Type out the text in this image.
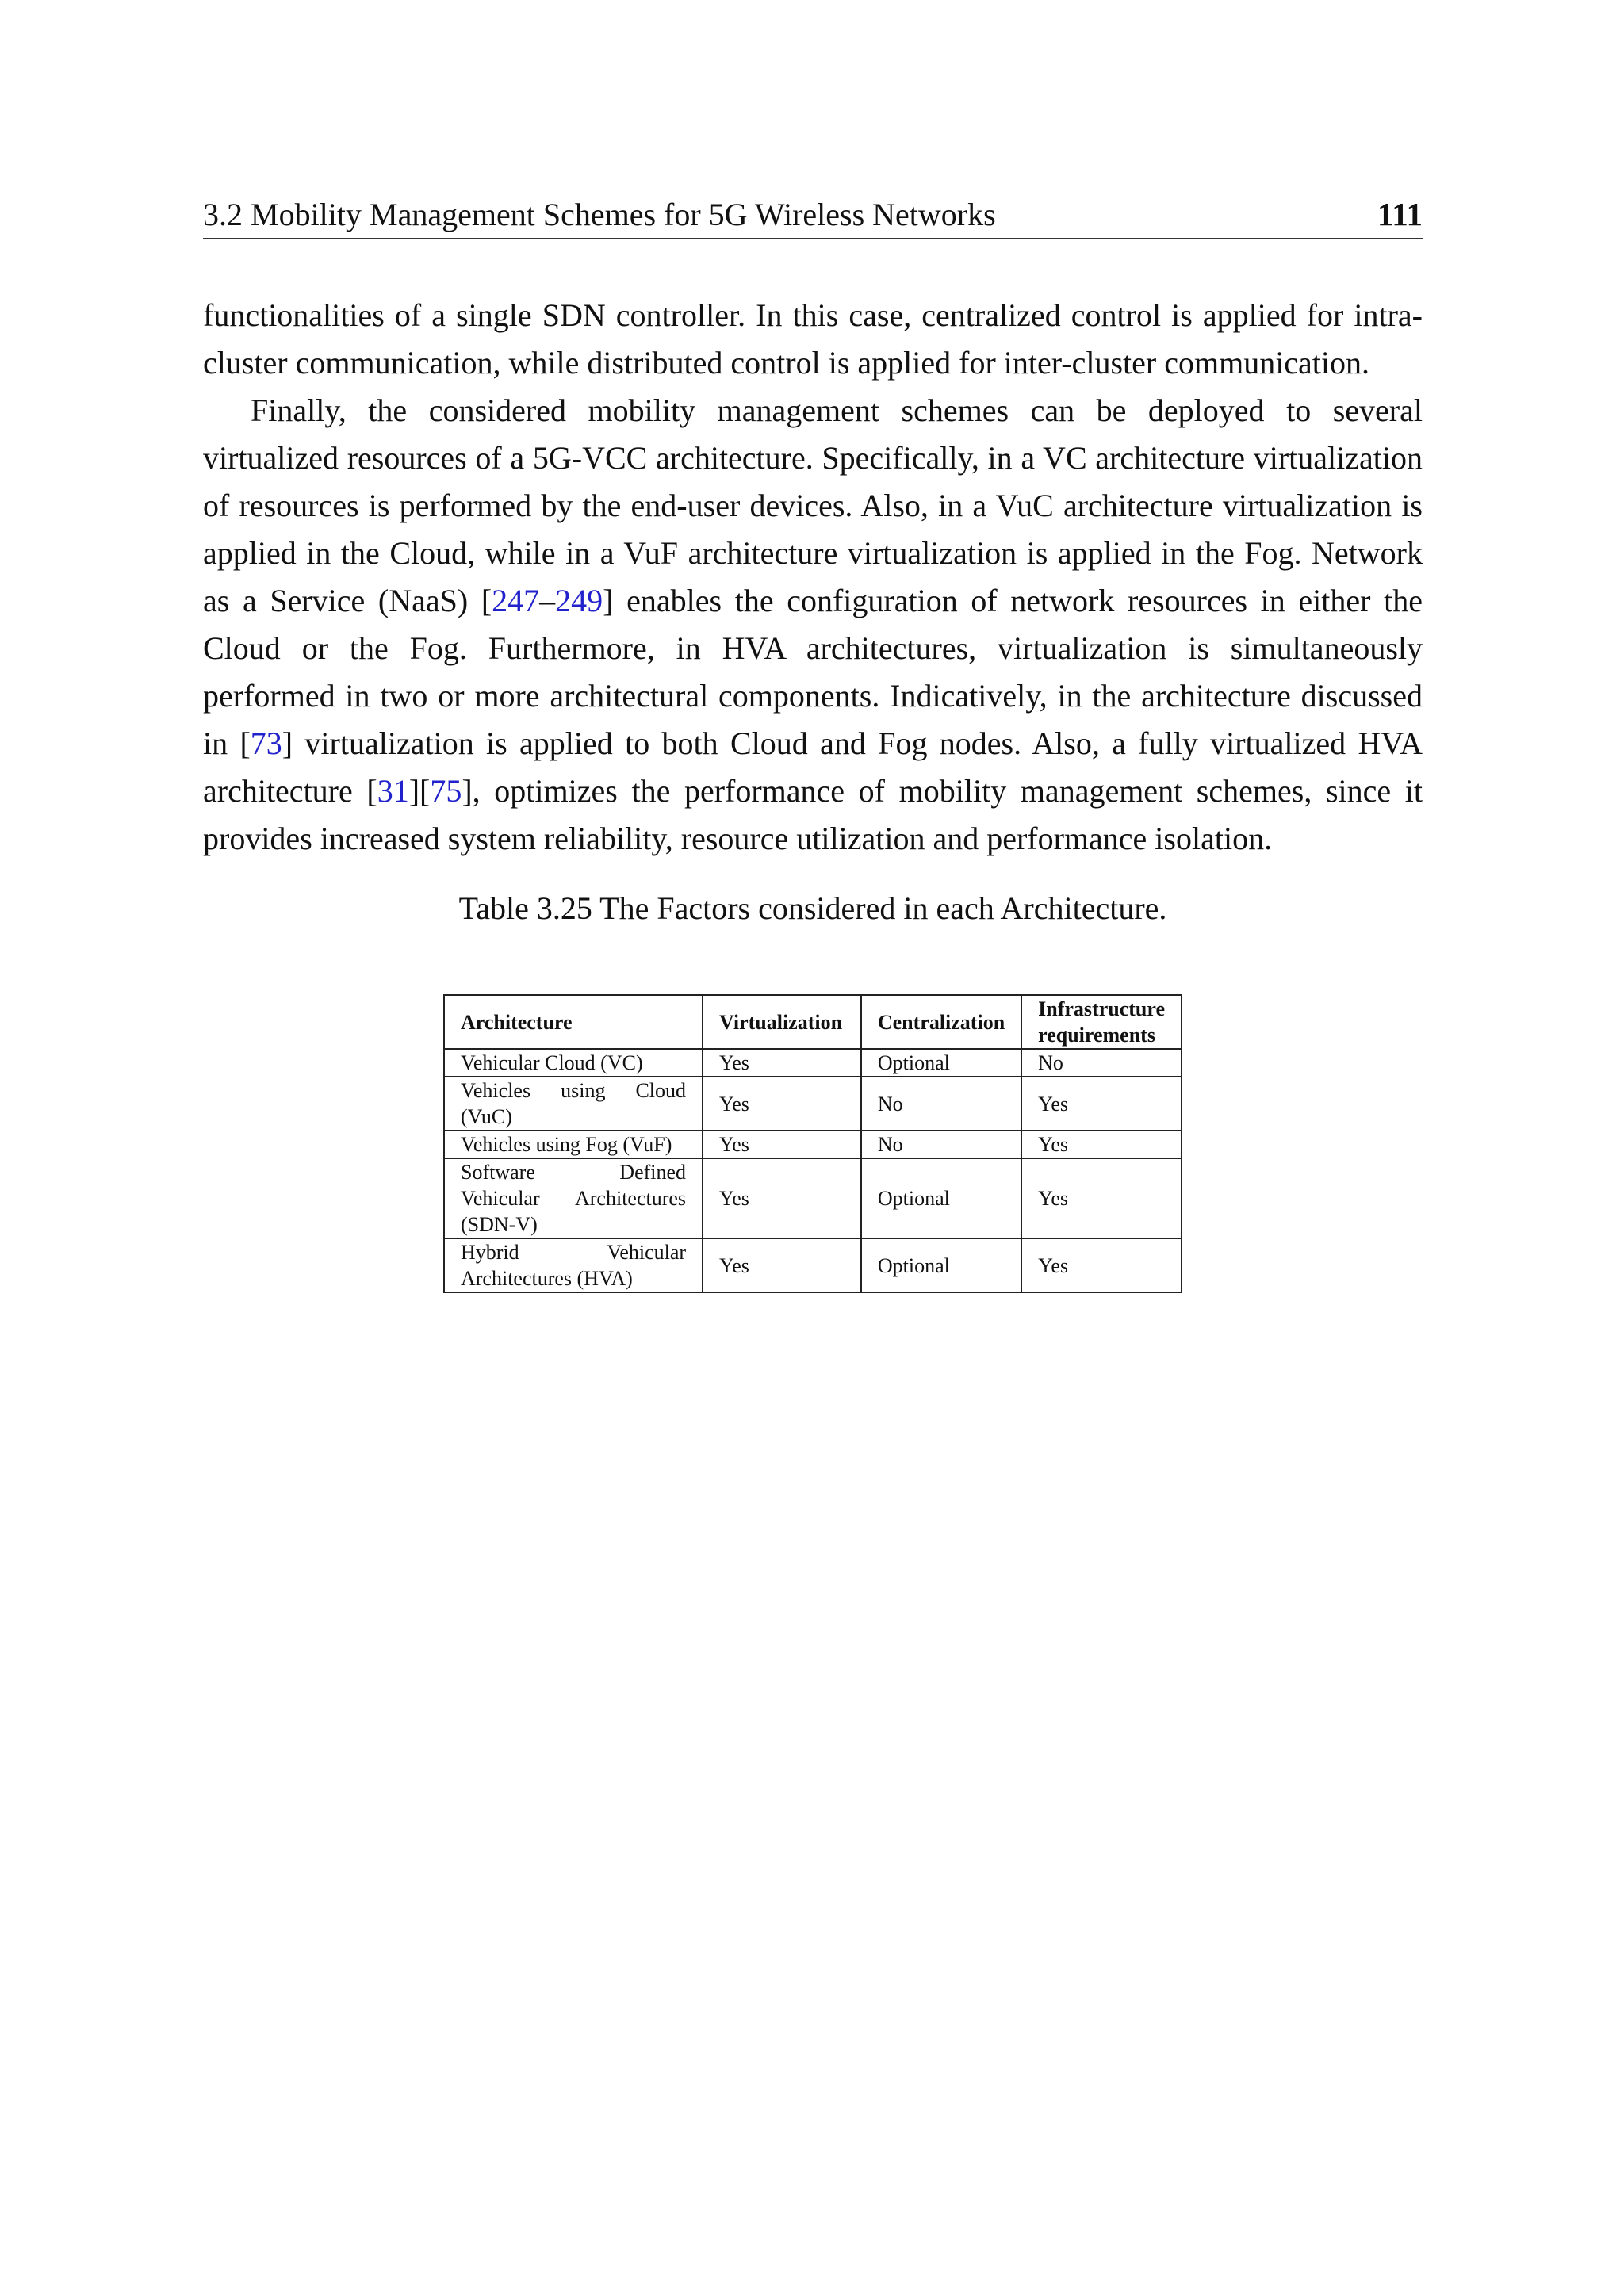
3.2 Mobility Management Schemes for 5G Wireless Networks	111

functionalities of a single SDN controller. In this case, centralized control is applied for intra-cluster communication, while distributed control is applied for inter-cluster communication.

Finally, the considered mobility management schemes can be deployed to several virtualized resources of a 5G-VCC architecture. Specifically, in a VC architecture virtualization of resources is performed by the end-user devices. Also, in a VuC architecture virtualization is applied in the Cloud, while in a VuF architecture virtualization is applied in the Fog. Network as a Service (NaaS) [247–249] enables the configuration of network resources in either the Cloud or the Fog. Furthermore, in HVA architectures, virtualization is simultaneously performed in two or more architectural components. Indicatively, in the architecture discussed in [73] virtualization is applied to both Cloud and Fog nodes. Also, a fully virtualized HVA architecture [31][75], optimizes the performance of mobility management schemes, since it provides increased system reliability, resource utilization and performance isolation.

Table 3.25 The Factors considered in each Architecture.
Architecture	Virtualization	Centralization	Infrastructure requirements
Vehicular Cloud (VC)	Yes	Optional	No
Vehicles using Cloud (VuC)	Yes	No	Yes
Vehicles using Fog (VuF)	Yes	No	Yes
Software Defined Vehicular Architectures (SDN-V)	Yes	Optional	Yes
Hybrid Vehicular Architectures (HVA)	Yes	Optional	Yes
